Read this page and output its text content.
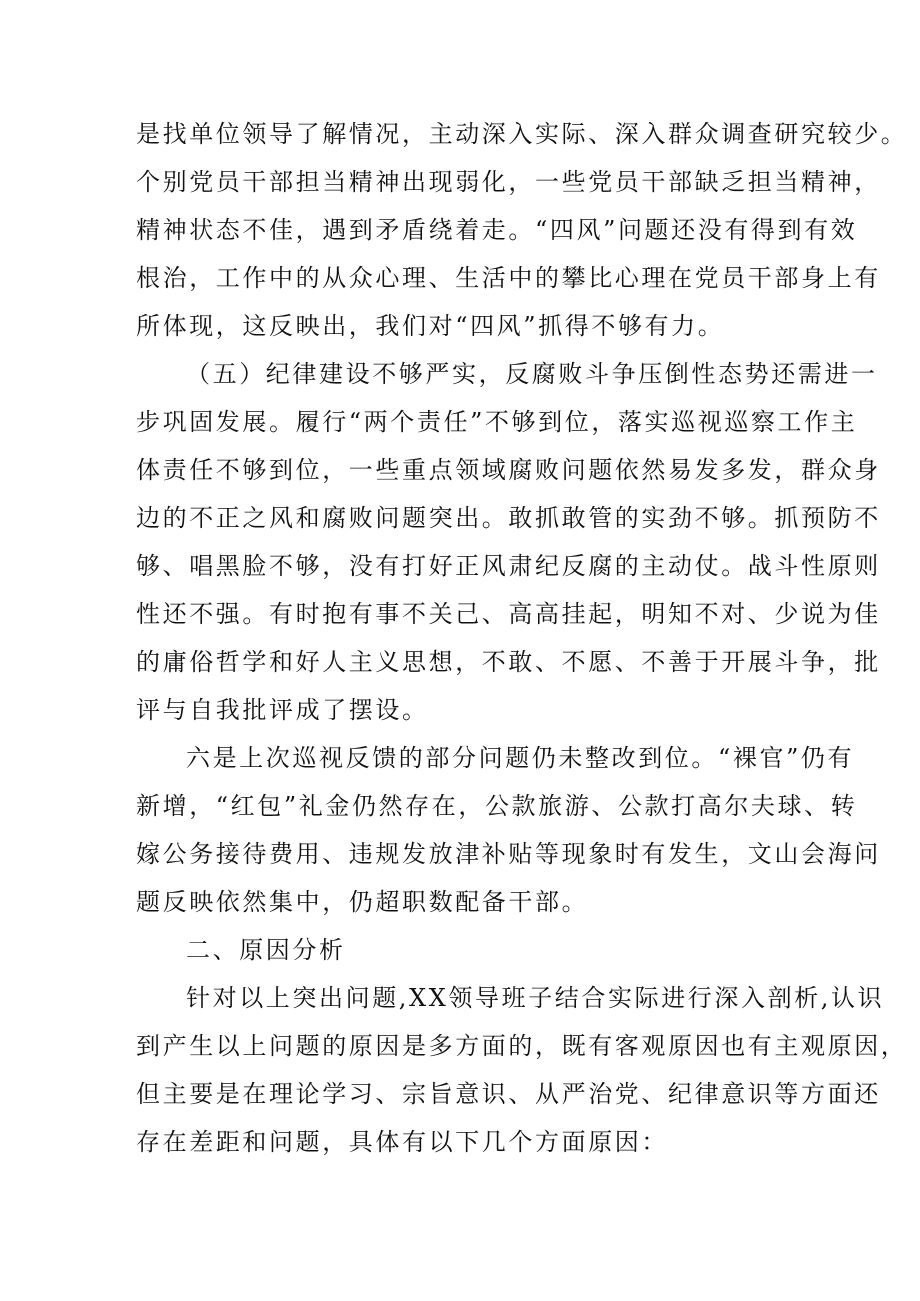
是找单位领导了解情况，主动深入实际、深入群众调查研究较少。
个别党员干部担当精神出现弱化，一些党员干部缺乏担当精神，
精神状态不佳，遇到矛盾绕着走。“四风”问题还没有得到有效
根治，工作中的从众心理、生活中的攀比心理在党员干部身上有
所体现，这反映出，我们对“四风”抓得不够有力。
（五）纪律建设不够严实，反腐败斗争压倒性态势还需进一
步巩固发展。履行“两个责任”不够到位，落实巡视巡察工作主
体责任不够到位，一些重点领域腐败问题依然易发多发，群众身
边的不正之风和腐败问题突出。敢抓敢管的实劲不够。抓预防不
够、唱黑脸不够，没有打好正风肃纪反腐的主动仗。战斗性原则
性还不强。有时抱有事不关己、高高挂起，明知不对、少说为佳
的庸俗哲学和好人主义思想，不敢、不愿、不善于开展斗争，批
评与自我批评成了摆设。
六是上次巡视反馈的部分问题仍未整改到位。“裸官”仍有
新增，“红包”礼金仍然存在，公款旅游、公款打高尔夫球、转
嫁公务接待费用、违规发放津补贴等现象时有发生，文山会海问
题反映依然集中，仍超职数配备干部。
二、原因分析
针对以上突出问题,XX领导班子结合实际进行深入剖析,认识
到产生以上问题的原因是多方面的，既有客观原因也有主观原因，
但主要是在理论学习、宗旨意识、从严治党、纪律意识等方面还
存在差距和问题，具体有以下几个方面原因：
